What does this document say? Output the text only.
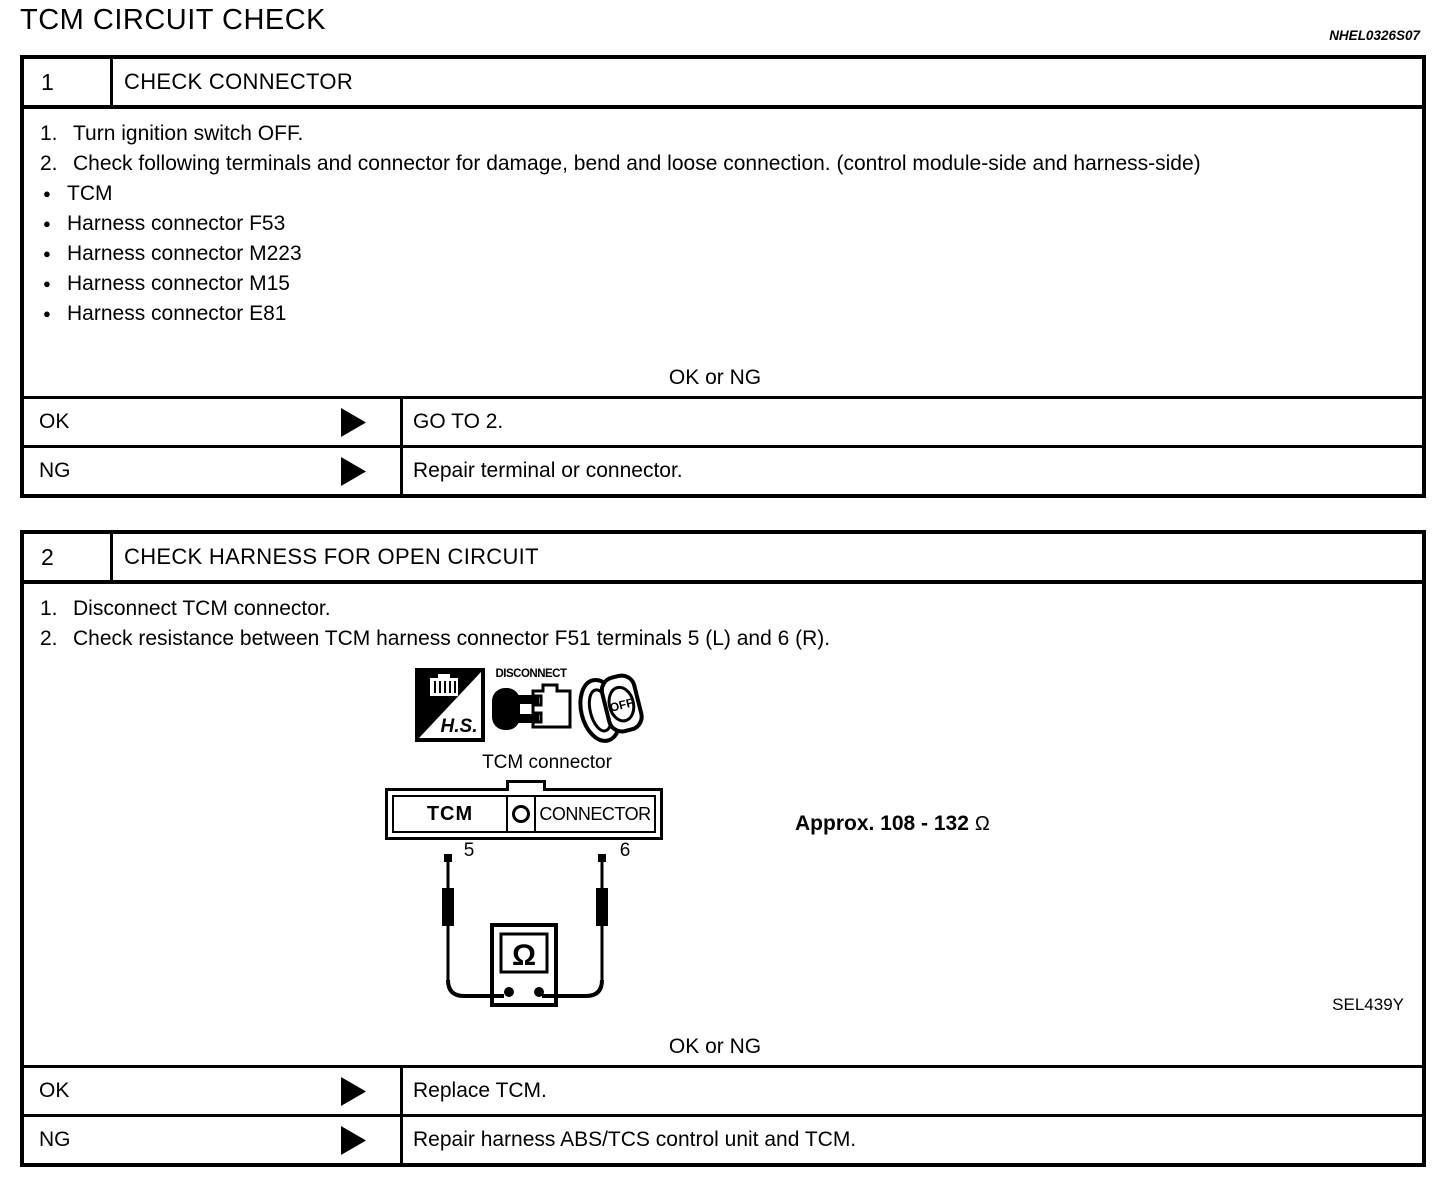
TCM CIRCUIT CHECK	NHEL0326S07
1	CHECK CONNECTOR
1. Turn ignition switch OFF.
2. Check following terminals and connector for damage, bend and loose connection. (control module-side and harness-side)
● TCM
● Harness connector F53
● Harness connector M223
● Harness connector M15
● Harness connector E81
OK or NG
OK	GO TO 2.
NG	Repair terminal or connector.
2	CHECK HARNESS FOR OPEN CIRCUIT
1. Disconnect TCM connector.
2. Check resistance between TCM harness connector F51 terminals 5 (L) and 6 (R).
H.S.
DISCONNECT
OFF
TCM connector
TCM	CONNECTOR
5	6
Ω
Approx. 108 - 132 Ω
SEL439Y
OK or NG
OK	Replace TCM.
NG	Repair harness ABS/TCS control unit and TCM.
